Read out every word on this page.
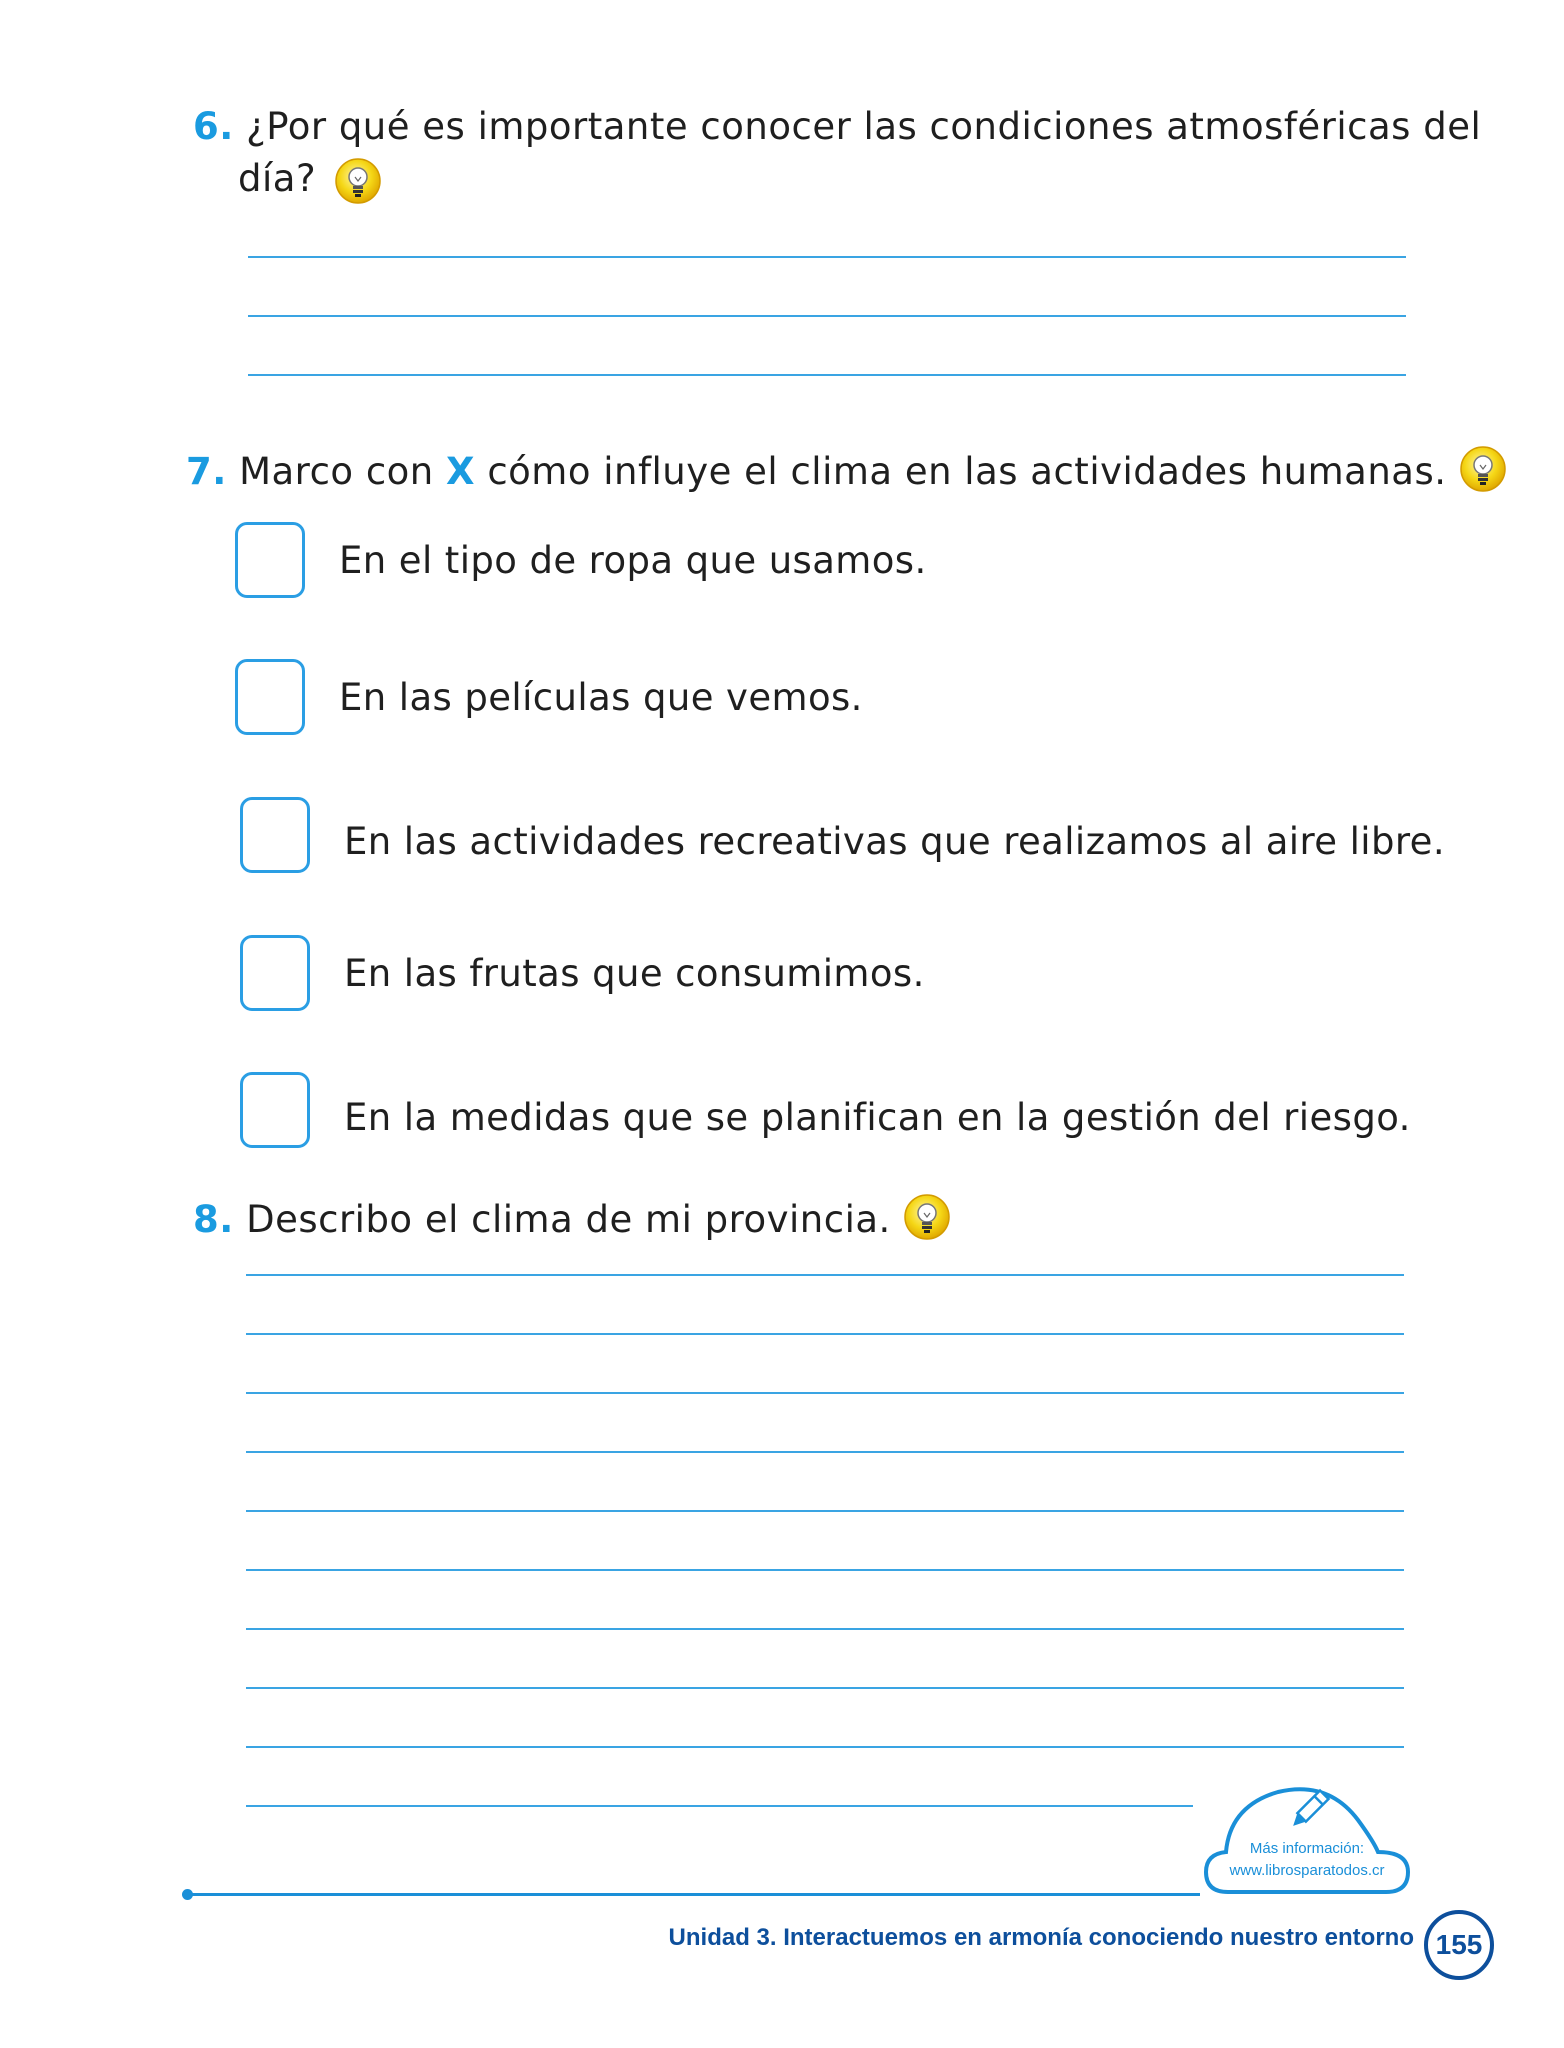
6. ¿Por qué es importante conocer las condiciones atmosféricas del
día?
7. Marco con X cómo influye el clima en las actividades humanas.
En el tipo de ropa que usamos.
En las películas que vemos.
En las actividades recreativas que realizamos al aire libre.
En las frutas que consumimos.
En la medidas que se planifican en la gestión del riesgo.
8. Describo el clima de mi provincia.
Más información:
www.librosparatodos.cr
Unidad 3. Interactuemos en armonía conociendo nuestro entorno 155
